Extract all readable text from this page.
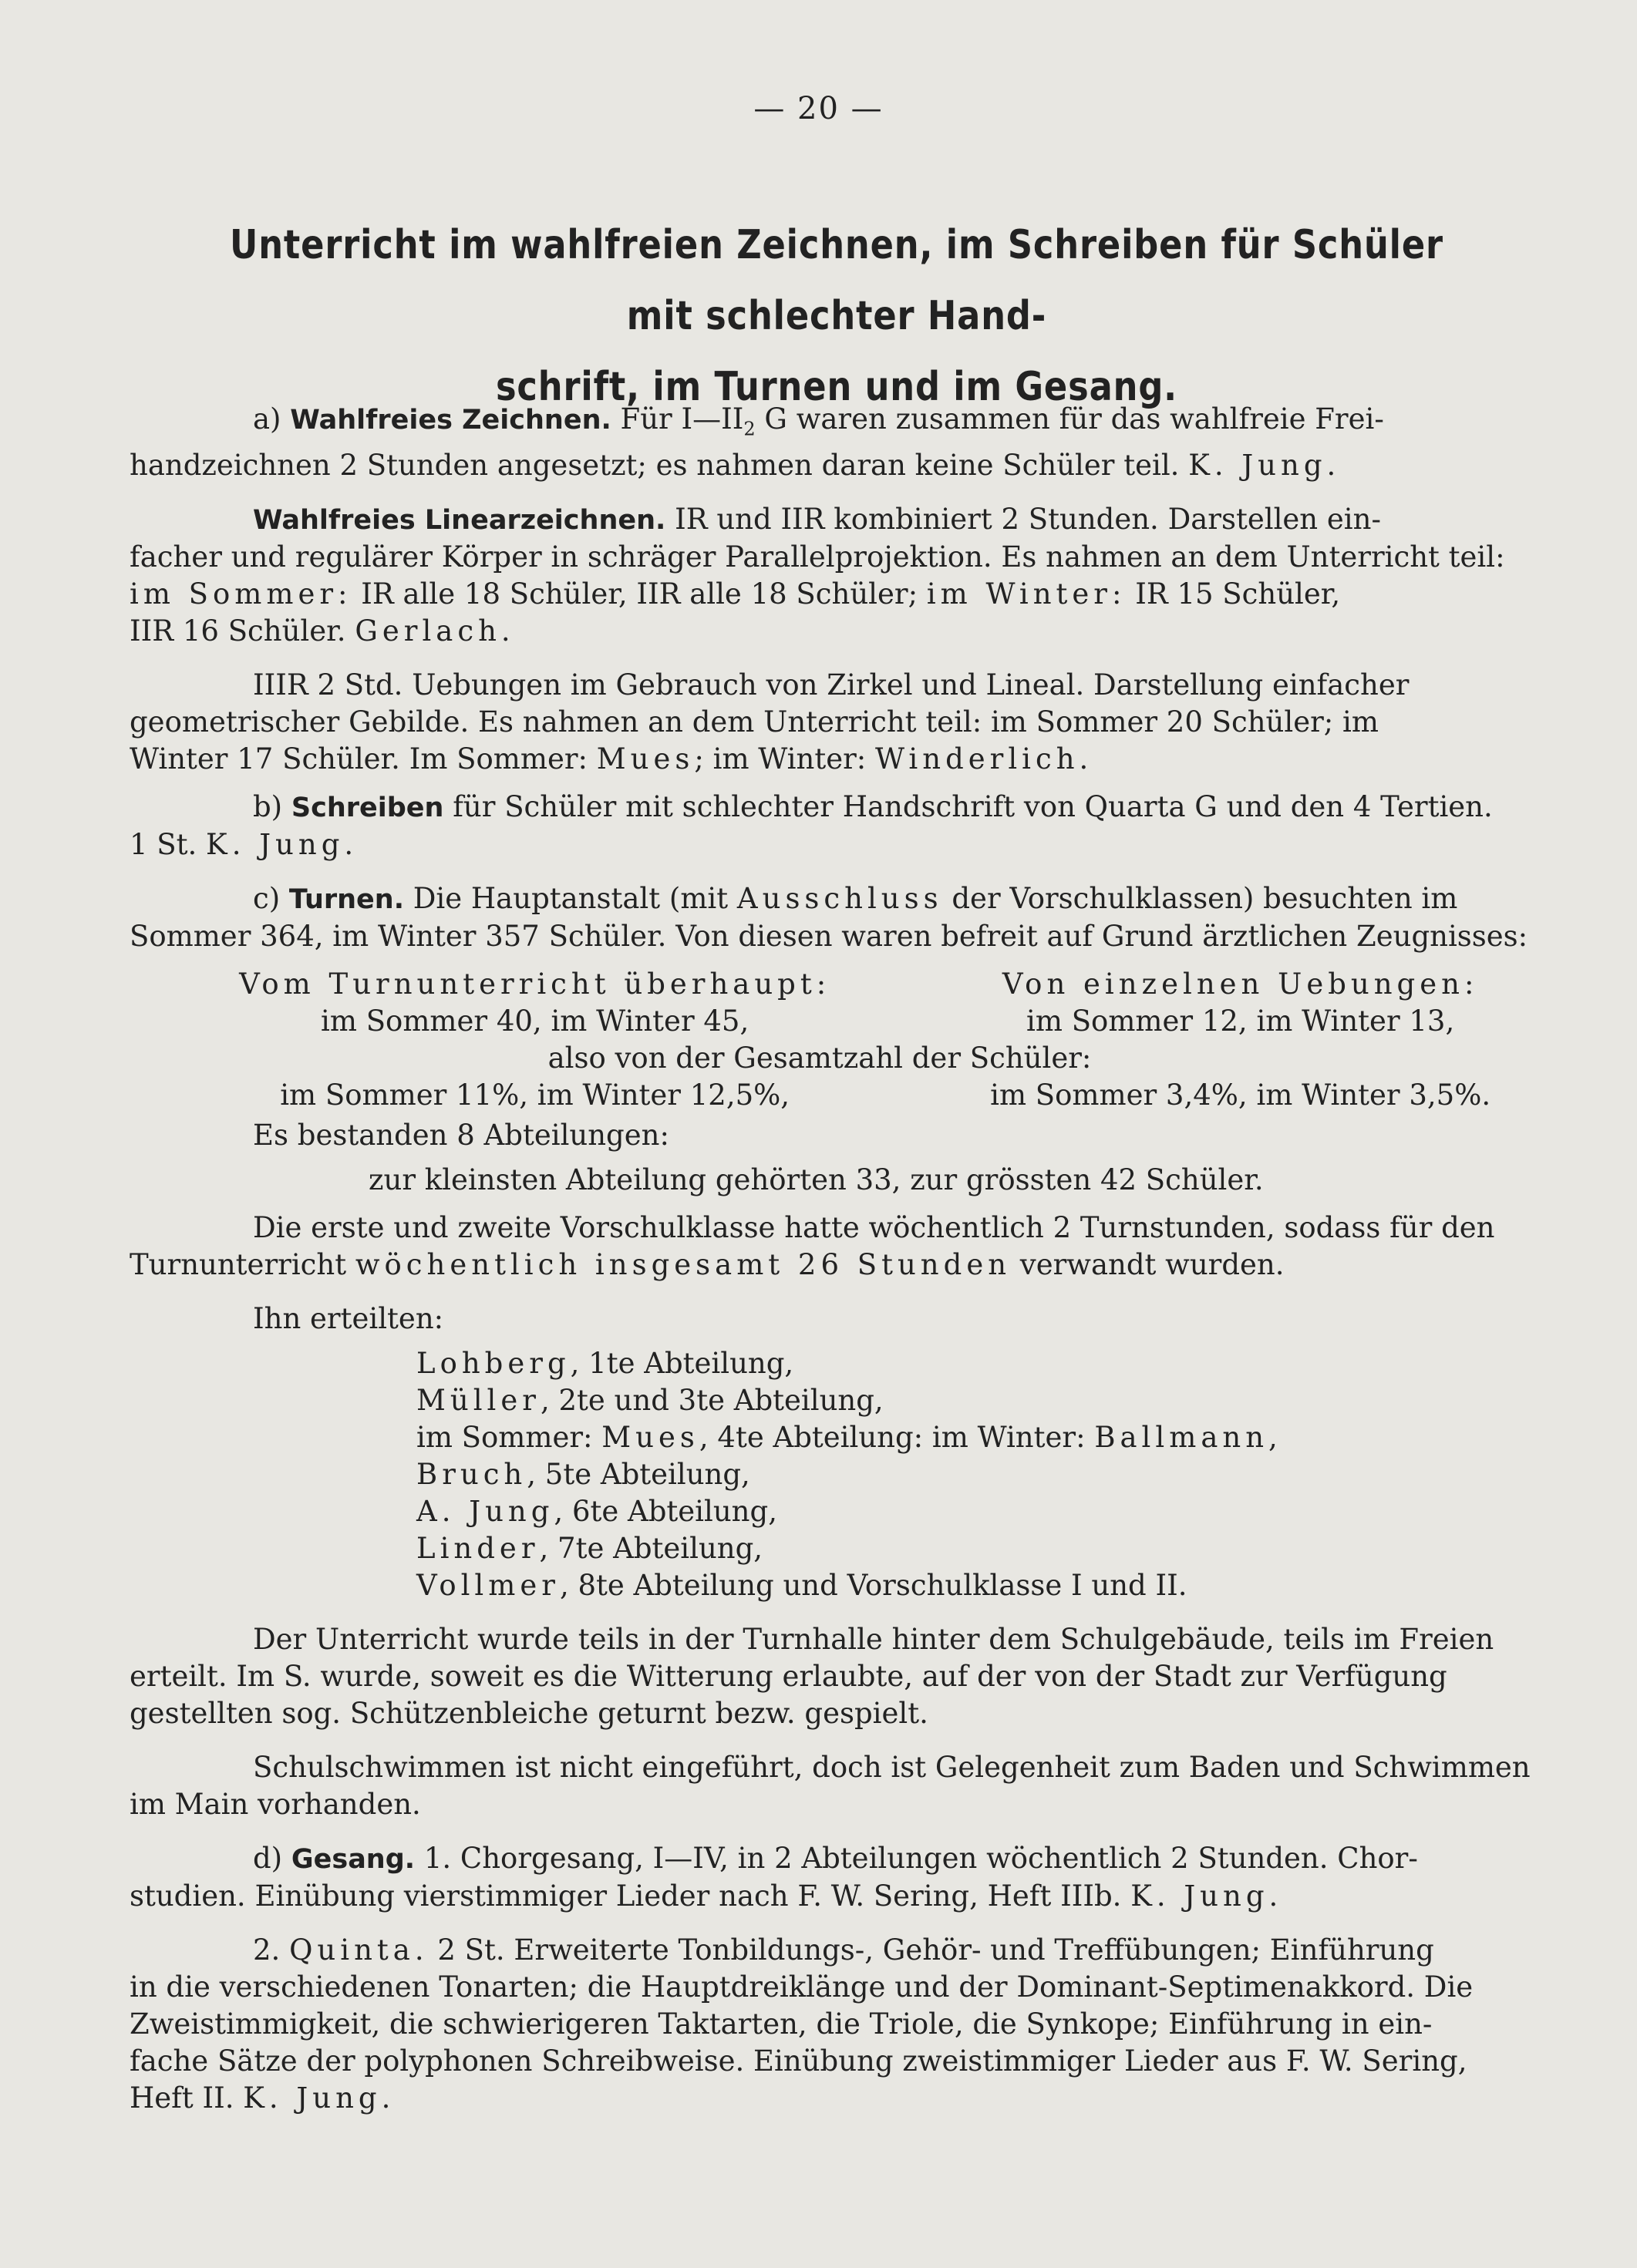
— 20 —
Unterricht im wahlfreien Zeichnen, im Schreiben für Schüler mit schlechter Hand-
schrift, im Turnen und im Gesang.

a) Wahlfreies Zeichnen. Für $I—II_2$ G waren zusammen für das wahlfreie Frei-
handzeichnen 2 Stunden angesetzt; es nahmen daran keine Schüler teil. K. Jung.

Wahlfreies Linearzeichnen. IR und IIR kombiniert 2 Stunden. Darstellen ein-
facher und regulärer Körper in schräger Parallelprojektion. Es nahmen an dem Unterricht teil:
im Sommer: IR alle 18 Schüler, IIR alle 18 Schüler; im Winter: IR 15 Schüler,
IIR 16 Schüler. Gerlach.

IIIR 2 Std. Uebungen im Gebrauch von Zirkel und Lineal. Darstellung einfacher
geometrischer Gebilde. Es nahmen an dem Unterricht teil: im Sommer 20 Schüler; im
Winter 17 Schüler. Im Sommer: Mues; im Winter: Winderlich.

b) Schreiben für Schüler mit schlechter Handschrift von Quarta G und den 4 Tertien.
1 St. K. Jung.

c) Turnen. Die Hauptanstalt (mit Ausschluss der Vorschulklassen) besuchten im
Sommer 364, im Winter 357 Schüler. Von diesen waren befreit auf Grund ärztlichen Zeugnisses:

Vom Turnunterricht überhaupt:	Von einzelnen Uebungen:
im Sommer 40, im Winter 45,	im Sommer 12, im Winter 13,
also von der Gesamtzahl der Schüler:
im Sommer 11%, im Winter 12,5%,	im Sommer 3,4%, im Winter 3,5%.

Es bestanden 8 Abteilungen:

zur kleinsten Abteilung gehörten 33, zur grössten 42 Schüler.

Die erste und zweite Vorschulklasse hatte wöchentlich 2 Turnstunden, sodass für den
Turnunterricht wöchentlich insgesamt 26 Stunden verwandt wurden.

Ihn erteilten:

Lohberg, 1te Abteilung,
Müller, 2te und 3te Abteilung,
im Sommer: Mues, 4te Abteilung: im Winter: Ballmann,
Bruch, 5te Abteilung,
A. Jung, 6te Abteilung,
Linder, 7te Abteilung,
Vollmer, 8te Abteilung und Vorschulklasse I und II.

Der Unterricht wurde teils in der Turnhalle hinter dem Schulgebäude, teils im Freien
erteilt. Im S. wurde, soweit es die Witterung erlaubte, auf der von der Stadt zur Verfügung
gestellten sog. Schützenbleiche geturnt bezw. gespielt.

Schulschwimmen ist nicht eingeführt, doch ist Gelegenheit zum Baden und Schwimmen
im Main vorhanden.

d) Gesang. 1. Chorgesang, I—IV, in 2 Abteilungen wöchentlich 2 Stunden. Chor-
studien. Einübung vierstimmiger Lieder nach F. W. Sering, Heft IIIb. K. Jung.

2. Quinta. 2 St. Erweiterte Tonbildungs-, Gehör- und Treffübungen; Einführung
in die verschiedenen Tonarten; die Hauptdreiklänge und der Dominant-Septimenakkord. Die
Zweistimmigkeit, die schwierigeren Taktarten, die Triole, die Synkope; Einführung in ein-
fache Sätze der polyphonen Schreibweise. Einübung zweistimmiger Lieder aus F. W. Sering,
Heft II. K. Jung.
